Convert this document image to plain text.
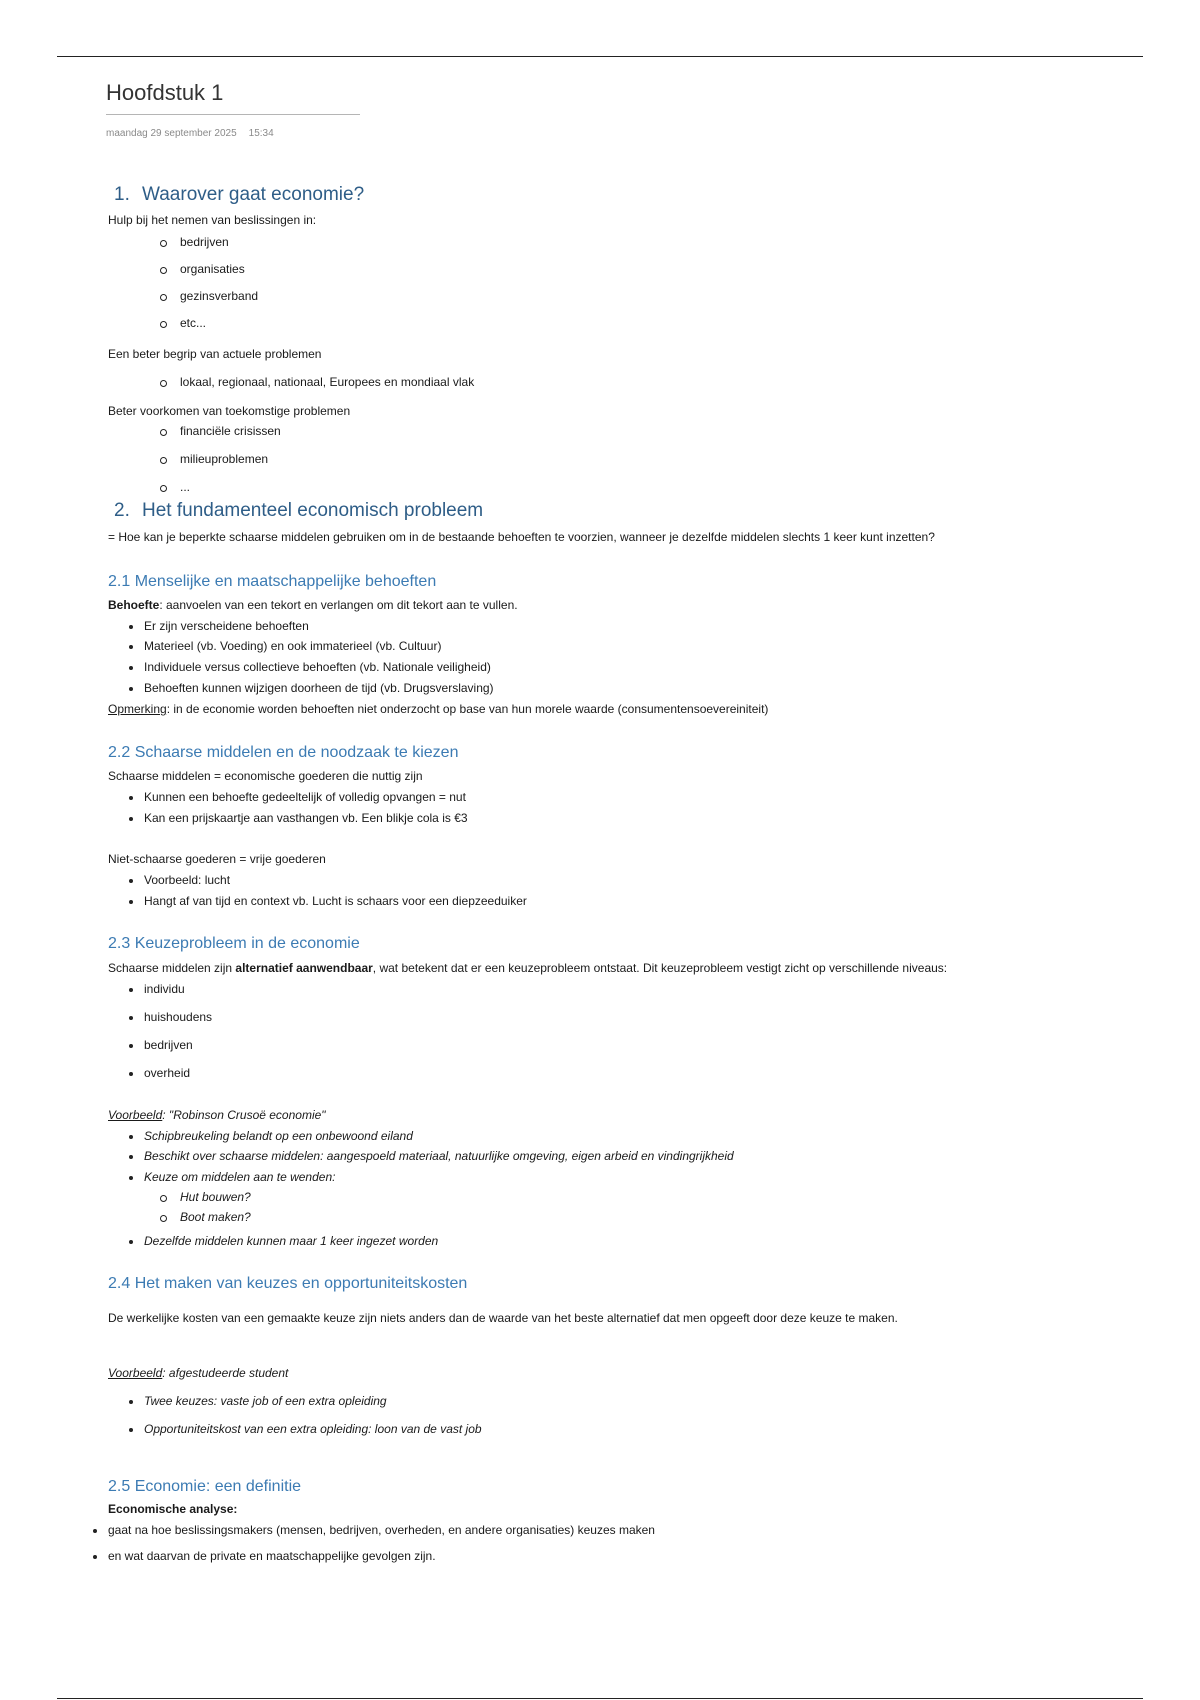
Hoofdstuk 1
maandag 29 september 2025 15:34
1. Waarover gaat economie?
Hulp bij het nemen van beslissingen in:
bedrijven
organisaties
gezinsverband
etc...
Een beter begrip van actuele problemen
lokaal, regionaal, nationaal, Europees en mondiaal vlak
Beter voorkomen van toekomstige problemen
financiële crisissen
milieuproblemen
...
2. Het fundamenteel economisch probleem
= Hoe kan je beperkte schaarse middelen gebruiken om in de bestaande behoeften te voorzien, wanneer je dezelfde middelen slechts 1 keer kunt inzetten?
2.1 Menselijke en maatschappelijke behoeften
Behoefte: aanvoelen van een tekort en verlangen om dit tekort aan te vullen.
Er zijn verscheidene behoeften
Materieel (vb. Voeding) en ook immaterieel (vb. Cultuur)
Individuele versus collectieve behoeften (vb. Nationale veiligheid)
Behoeften kunnen wijzigen doorheen de tijd (vb. Drugsverslaving)
Opmerking: in de economie worden behoeften niet onderzocht op base van hun morele waarde (consumentensoevereiniteit)
2.2 Schaarse middelen en de noodzaak te kiezen
Schaarse middelen = economische goederen die nuttig zijn
Kunnen een behoefte gedeeltelijk of volledig opvangen = nut
Kan een prijskaartje aan vasthangen vb. Een blikje cola is €3
Niet-schaarse goederen = vrije goederen
Voorbeeld: lucht
Hangt af van tijd en context vb. Lucht is schaars voor een diepzeeduiker
2.3 Keuzeprobleem in de economie
Schaarse middelen zijn alternatief aanwendbaar, wat betekent dat er een keuzeprobleem ontstaat. Dit keuzeprobleem vestigt zicht op verschillende niveaus:
individu
huishoudens
bedrijven
overheid
Voorbeeld: "Robinson Crusoë economie"
Schipbreukeling belandt op een onbewoond eiland
Beschikt over schaarse middelen: aangespoeld materiaal, natuurlijke omgeving, eigen arbeid en vindingrijkheid
Keuze om middelen aan te wenden:
Hut bouwen?
Boot maken?
Dezelfde middelen kunnen maar 1 keer ingezet worden
2.4 Het maken van keuzes en opportuniteitskosten
De werkelijke kosten van een gemaakte keuze zijn niets anders dan de waarde van het beste alternatief dat men opgeeft door deze keuze te maken.
Voorbeeld: afgestudeerde student
Twee keuzes: vaste job of een extra opleiding
Opportuniteitskost van een extra opleiding: loon van de vast job
2.5 Economie: een definitie
Economische analyse:
gaat na hoe beslissingsmakers (mensen, bedrijven, overheden, en andere organisaties) keuzes maken
en wat daarvan de private en maatschappelijke gevolgen zijn.
